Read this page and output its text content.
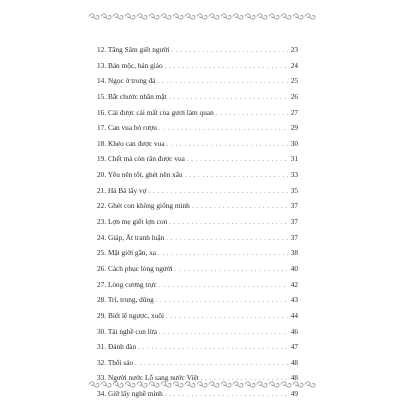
12. Tăng Sâm giết người . . .	23
13. Bán mộc, bán giảo . . .	24
14. Ngọc ở trong đá . . .	25
15. Bắt chước nhăn mặt . . .	26
16. Cái được cái mất của gươi làm quan . . .	27
17. Can vua bỏ rượu . . .	29
18. Khéo can được vua . . .	30
19. Chết mà còn răn được vua . . .	31
20. Yêu nên tốt, ghét nên xấu . . .	33
21. Hà Bá lấy vợ . . .	35
22. Ghét con không giống mình . . .	37
23. Lợn mẹ giết lợn con . . .	37
24. Giáp, Ất tranh luận . . .	37
25. Mặt giời gần, xa . . .	38
26. Cách phục lòng người . . .	40
27. Lòng cương trực . . .	42
28. Trí, trung, dũng . . .	43
29. Biết lẽ ngược, xuôi . . .	44
30. Tài nghề con lừa . . .	46
31. Đánh đàn . . .	47
32. Thổi sáo . . .	48
33. Người nước Lỗ sang nước Việt . . .	48
34. Giữ lấy nghề mình . . .	49
